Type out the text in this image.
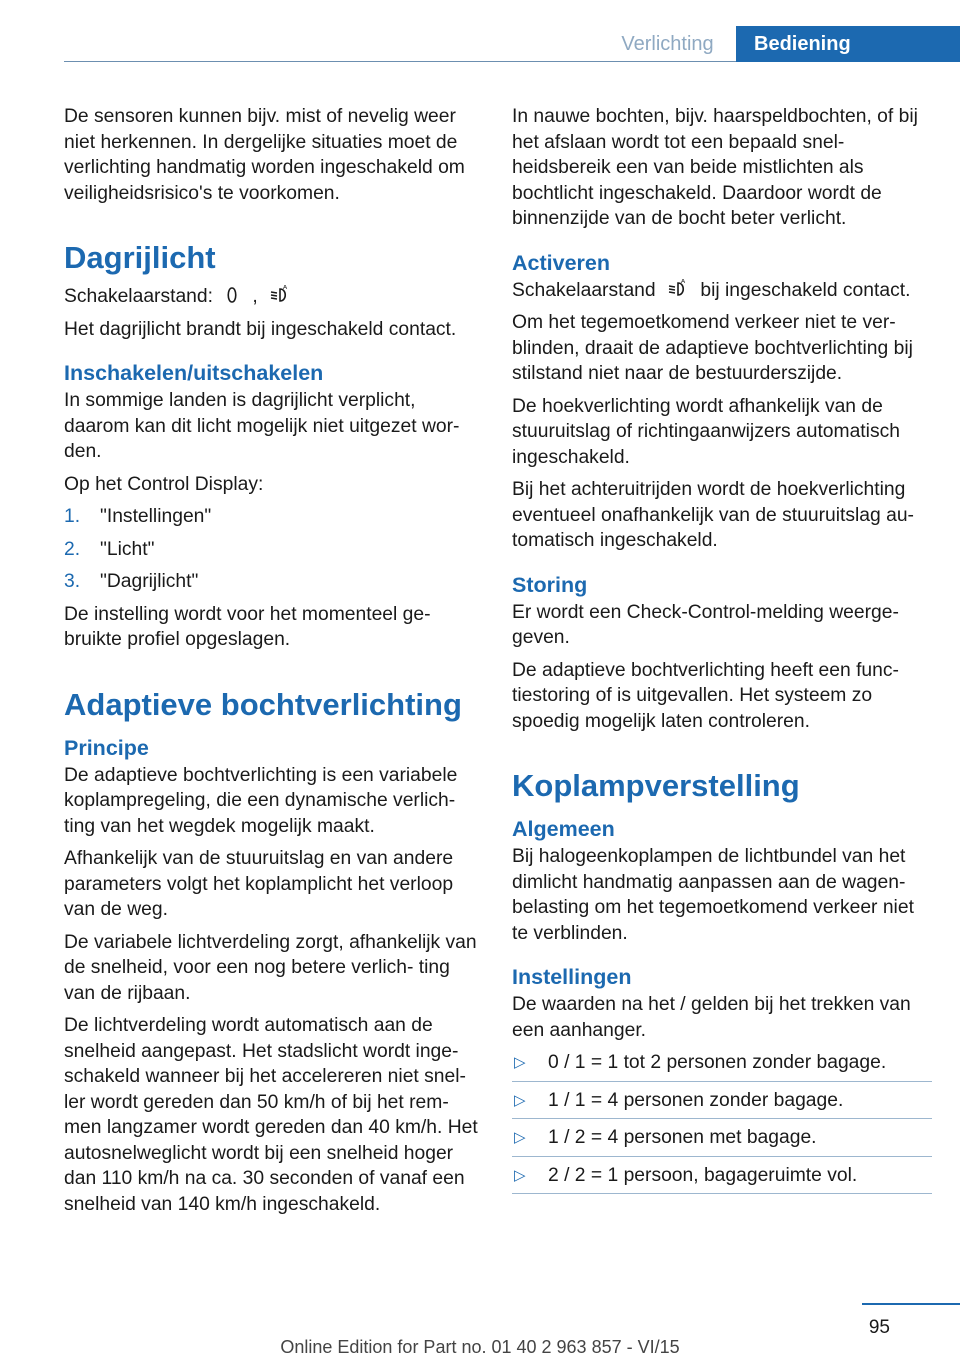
Verlichting	Bediening

De sensoren kunnen bijv. mist of nevelig weer niet herkennen. In dergelijke situaties moet de verlichting handmatig worden ingeschakeld om veiligheidsrisico's te voorkomen.

Dagrijlicht

Schakelaarstand: ,	A

Het dagrijlicht brandt bij ingeschakeld contact.

Inschakelen/uitschakelen

In sommige landen is dagrijlicht verplicht, daarom kan dit licht mogelijk niet uitgezet wor‐ den.

Op het Control Display:

1.	"Instellingen"
2.	"Licht"
3.	"Dagrijlicht"

De instelling wordt voor het momenteel ge‐ bruikte profiel opgeslagen.

Adaptieve bochtverlichting
Principe

De adaptieve bochtverlichting is een variabele koplampregeling, die een dynamische verlich‐ ting van het wegdek mogelijk maakt.

Afhankelijk van de stuuruitslag en van andere parameters volgt het koplamplicht het verloop van de weg.

De variabele lichtverdeling zorgt, afhankelijk van de snelheid, voor een nog betere verlich‐ ting van de rijbaan.

De lichtverdeling wordt automatisch aan de snelheid aangepast. Het stadslicht wordt inge‐ schakeld wanneer bij het accelereren niet snel‐ ler wordt gereden dan 50 km/h of bij het rem‐ men langzamer wordt gereden dan 40 km/h. Het autosnelweglicht wordt bij een snelheid hoger dan 110 km/h na ca. 30 seconden of vanaf een snelheid van 140 km/h ingeschakeld.

In nauwe bochten, bijv. haarspeldbochten, of bij het afslaan wordt tot een bepaald snel‐ heidsbereik een van beide mistlichten als bochtlicht ingeschakeld. Daardoor wordt de binnenzijde van de bocht beter verlicht.

Activeren

Schakelaarstand	A bij ingeschakeld contact.

Om het tegemoetkomend verkeer niet te ver‐ blinden, draait de adaptieve bochtverlichting bij stilstand niet naar de bestuurderszijde.

De hoekverlichting wordt afhankelijk van de stuuruitslag of richtingaanwijzers automatisch ingeschakeld.

Bij het achteruitrijden wordt de hoekverlichting eventueel onafhankelijk van de stuuruitslag au‐ tomatisch ingeschakeld.

Storing

Er wordt een Check-Control-melding weerge‐ geven.

De adaptieve bochtverlichting heeft een func‐ tiestoring of is uitgevallen. Het systeem zo spoedig mogelijk laten controleren.

Koplampverstelling
Algemeen

Bij halogeenkoplampen de lichtbundel van het dimlicht handmatig aanpassen aan de wagen‐ belasting om het tegemoetkomend verkeer niet te verblinden.

Instellingen

De waarden na het / gelden bij het trekken van een aanhanger.

▷	0 / 1 = 1 tot 2 personen zonder bagage.
▷	1 / 1 = 4 personen zonder bagage.
▷	1 / 2 = 4 personen met bagage.
▷	2 / 2 = 1 persoon, bagageruimte vol.
95
Online Edition for Part no. 01 40 2 963 857 - VI/15
